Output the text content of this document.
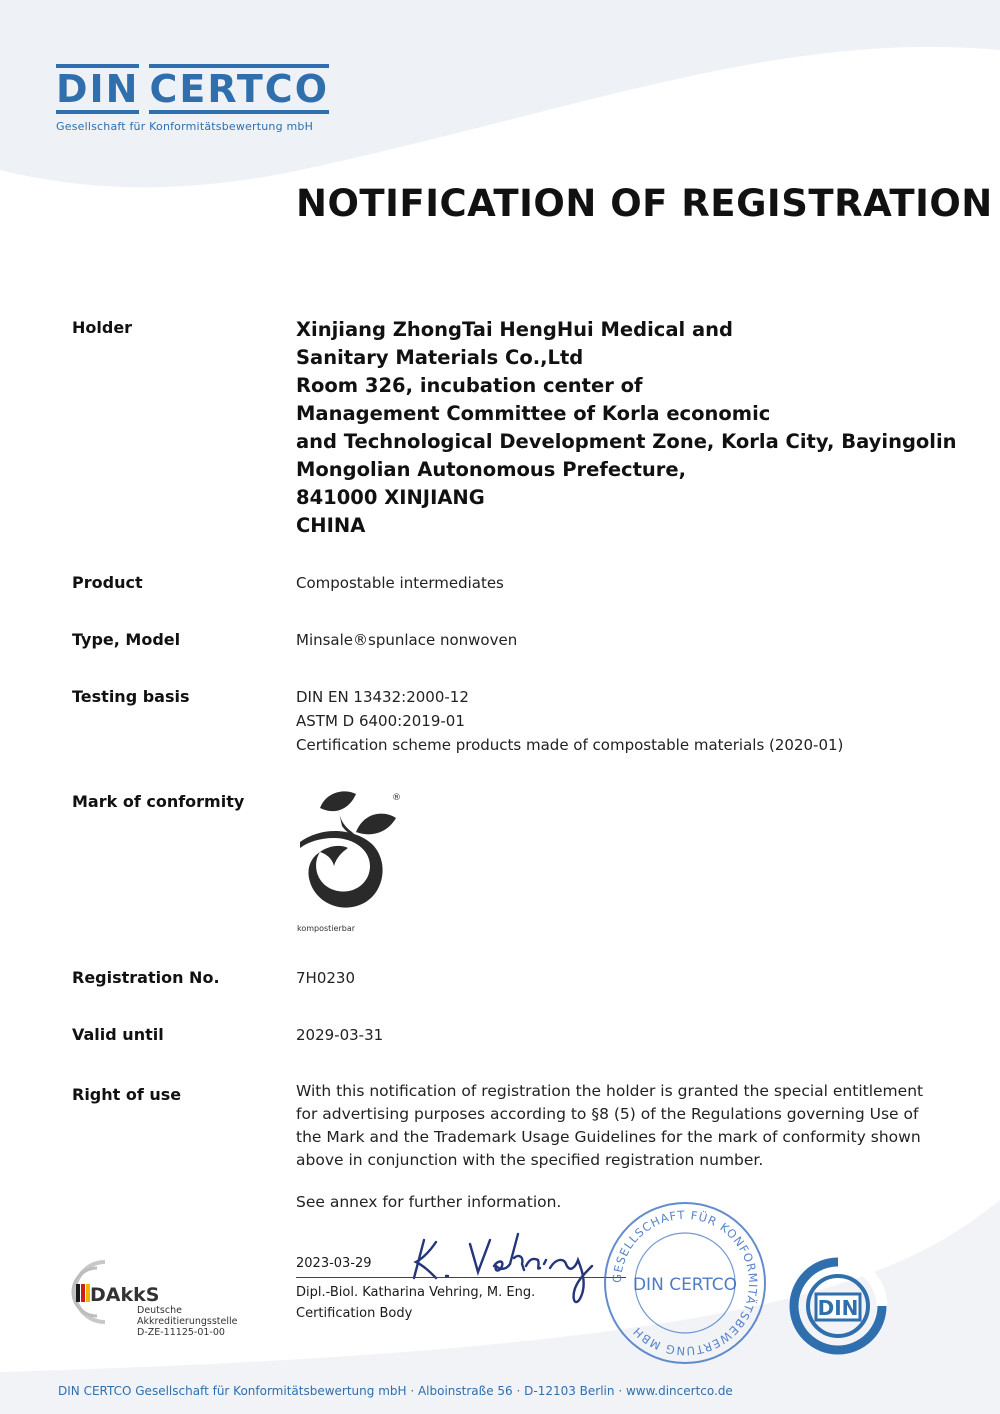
DIN CERTCO
Gesellschaft für Konformitätsbewertung mbH
NOTIFICATION OF REGISTRATION
Holder	Xinjiang ZhongTai HengHui Medical and
Sanitary Materials Co.,Ltd
Room 326, incubation center of
Management Committee of Korla economic
and Technological Development Zone, Korla City, Bayingolin
Mongolian Autonomous Prefecture,
841000 XINJIANG
CHINA
Product	Compostable intermediates
Type, Model	Minsale®spunlace nonwoven
Testing basis	DIN EN 13432:2000-12
ASTM D 6400:2019-01
Certification scheme products made of compostable materials (2020-01)
Mark of conformity	®
kompostierbar
Registration No.	7H0230
Valid until	2029-03-31
Right of use	With this notification of registration the holder is granted the special entitlement
for advertising purposes according to §8 (5) of the Regulations governing Use of
the Mark and the Trademark Usage Guidelines for the mark of conformity shown
above in conjunction with the specified registration number.
See annex for further information.
2023-03-29
Dipl.-Biol. Katharina Vehring, M. Eng.
Certification Body
GESELLSCHAFT FÜR KONFORMITÄTSBEWERTUNG MBH
DIN CERTCO
DIN
DAkkS
Deutsche
Akkreditierungsstelle
D-ZE-11125-01-00
DIN CERTCO Gesellschaft für Konformitätsbewertung mbH · Alboinstraße 56 · D-12103 Berlin · www.dincertco.de
